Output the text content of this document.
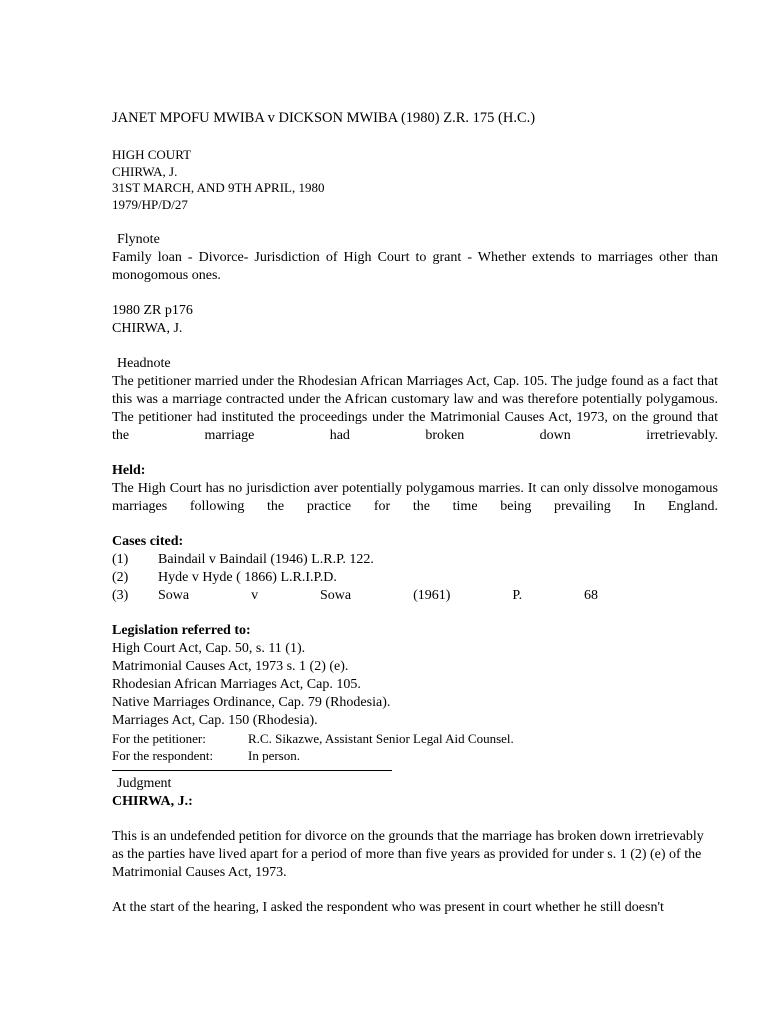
JANET MPOFU MWIBA v DICKSON MWIBA (1980) Z.R. 175 (H.C.)
HIGH COURT
CHIRWA, J.
31ST MARCH, AND 9TH APRIL, 1980
1979/HP/D/27
Flynote
Family loan - Divorce- Jurisdiction of High Court to grant - Whether extends to marriages other than monogomous ones.
1980 ZR p176
CHIRWA, J.
Headnote
The petitioner married under the Rhodesian African Marriages Act, Cap. 105. The judge found as a fact that this was a marriage contracted under the African customary law and was therefore potentially polygamous. The petitioner had instituted the proceedings under the Matrimonial Causes Act, 1973, on the ground that the marriage had broken down irretrievably.
Held:
The High Court has no jurisdiction aver potentially polygamous marries. It can only dissolve monogamous marriages following the practice for the time being prevailing In England.
Cases cited:
(1)	Baindail v Baindail (1946) L.R.P. 122.
(2)	Hyde v Hyde ( 1866) L.R.I.P.D.
(3)	Sowa	v	Sowa	(1961)	P.	68
Legislation referred to:
High Court Act, Cap. 50, s. 11 (1).
Matrimonial Causes Act, 1973 s. 1 (2) (e).
Rhodesian African Marriages Act, Cap. 105.
Native Marriages Ordinance, Cap. 79 (Rhodesia).
Marriages Act, Cap. 150 (Rhodesia).
For the petitioner:	R.C. Sikazwe, Assistant Senior Legal Aid Counsel.
For the respondent:	In person.
Judgment
CHIRWA, J.:
This is an undefended petition for divorce on the grounds that the marriage has broken down irretrievably as the parties have lived apart for a period of more than five years as provided for under s. 1 (2) (e) of the Matrimonial Causes Act, 1973.
At the start of the hearing, I asked the respondent who was present in court whether he still doesn't
